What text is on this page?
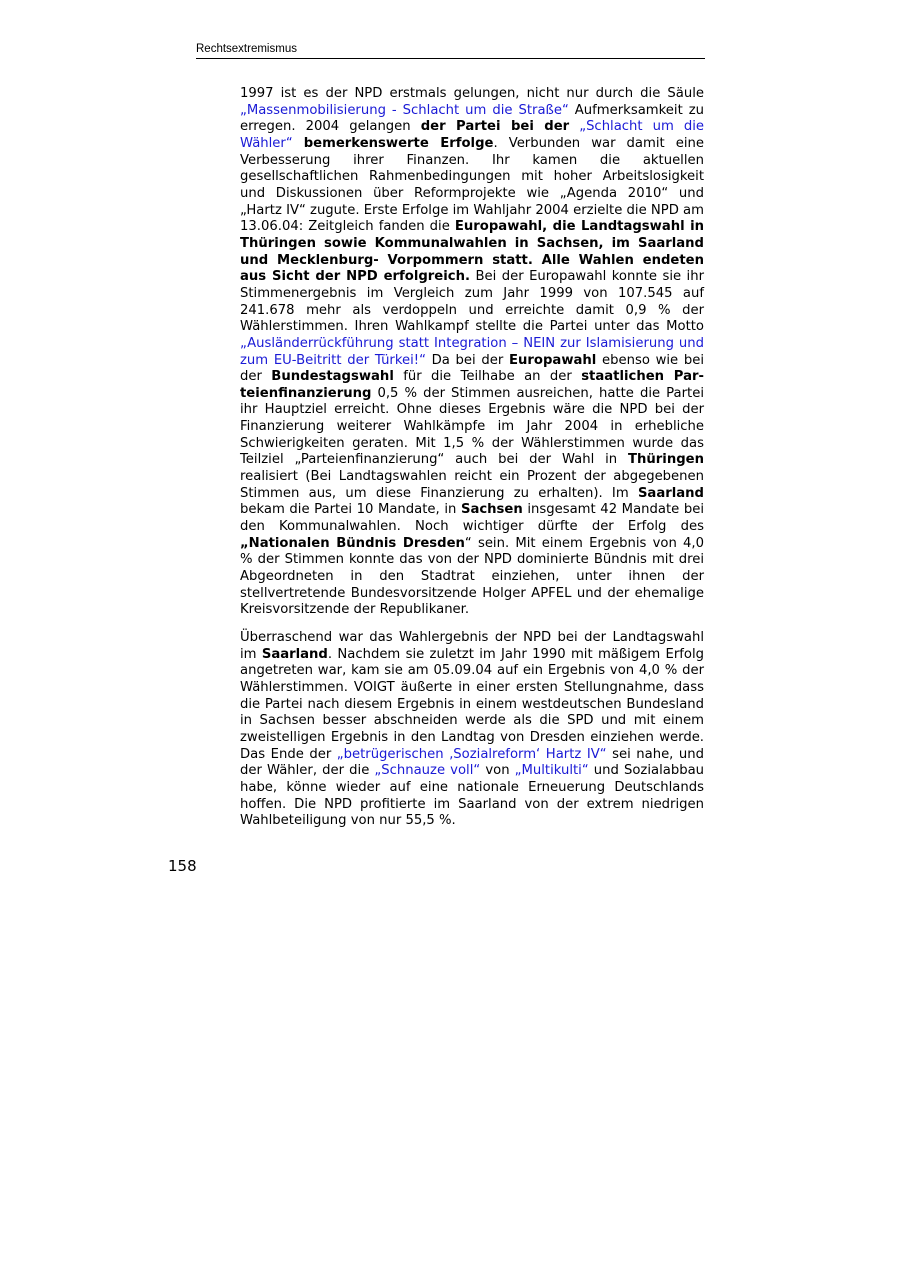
Rechtsextremismus

1997 ist es der NPD erstmals gelungen, nicht nur durch die Säule „Massenmobilisierung - Schlacht um die Straße“ Aufmerksamkeit zu erregen. 2004 gelangen der Partei bei der „Schlacht um die Wähler“ bemerkenswerte Erfolge. Verbunden war damit eine Verbesserung ihrer Finanzen. Ihr kamen die aktuellen gesellschaftlichen Rahmenbedingungen mit hoher Arbeitslosigkeit und Diskussionen über Reformprojekte wie „Agenda 2010“ und „Hartz IV“ zugute. Erste Erfolge im Wahljahr 2004 erzielte die NPD am 13.06.04: Zeitgleich fanden die Europawahl, die Landtagswahl in Thüringen sowie Kommunalwahlen in Sachsen, im Saarland und Mecklenburg- Vorpommern statt. Alle Wahlen endeten aus Sicht der NPD erfolgreich. Bei der Europawahl konnte sie ihr Stimmenergebnis im Vergleich zum Jahr 1999 von 107.545 auf 241.678 mehr als verdoppeln und erreichte damit 0,9 % der Wählerstimmen. Ihren Wahlkampf stellte die Partei unter das Motto „Ausländerrückführung statt Integration – NEIN zur Islamisierung und zum EU-Beitritt der Türkei!“ Da bei der Europawahl ebenso wie bei der Bundestagswahl für die Teilhabe an der staatlichen Parteienfinanzierung 0,5 % der Stimmen ausreichen, hatte die Partei ihr Hauptziel erreicht. Ohne dieses Ergebnis wäre die NPD bei der Finanzierung weiterer Wahlkämpfe im Jahr 2004 in erhebliche Schwierigkeiten geraten. Mit 1,5 % der Wählerstimmen wurde das Teilziel „Parteienfinanzierung“ auch bei der Wahl in Thüringen realisiert (Bei Landtagswahlen reicht ein Prozent der abgegebenen Stimmen aus, um diese Finanzierung zu erhalten). Im Saarland bekam die Partei 10 Mandate, in Sachsen insgesamt 42 Mandate bei den Kommunalwahlen. Noch wichtiger dürfte der Erfolg des „Nationalen Bündnis Dresden“ sein. Mit einem Ergebnis von 4,0 % der Stimmen konnte das von der NPD dominierte Bündnis mit drei Abgeordneten in den Stadtrat einziehen, unter ihnen der stellvertretende Bundesvorsitzende Holger APFEL und der ehemalige Kreisvorsitzende der Republikaner.

Überraschend war das Wahlergebnis der NPD bei der Landtagswahl im Saarland. Nachdem sie zuletzt im Jahr 1990 mit mäßigem Erfolg angetreten war, kam sie am 05.09.04 auf ein Ergebnis von 4,0 % der Wählerstimmen. VOIGT äußerte in einer ersten Stellungnahme, dass die Partei nach diesem Ergebnis in einem westdeutschen Bundesland in Sachsen besser abschneiden werde als die SPD und mit einem zweistelligen Ergebnis in den Landtag von Dresden einziehen werde. Das Ende der „betrügerischen ‚Sozialreform‘ Hartz IV“ sei nahe, und der Wähler, der die „Schnauze voll“ von „Multikulti“ und Sozialabbau habe, könne wieder auf eine nationale Erneuerung Deutschlands hoffen. Die NPD profitierte im Saarland von der extrem niedrigen Wahlbeteiligung von nur 55,5 %.

158
